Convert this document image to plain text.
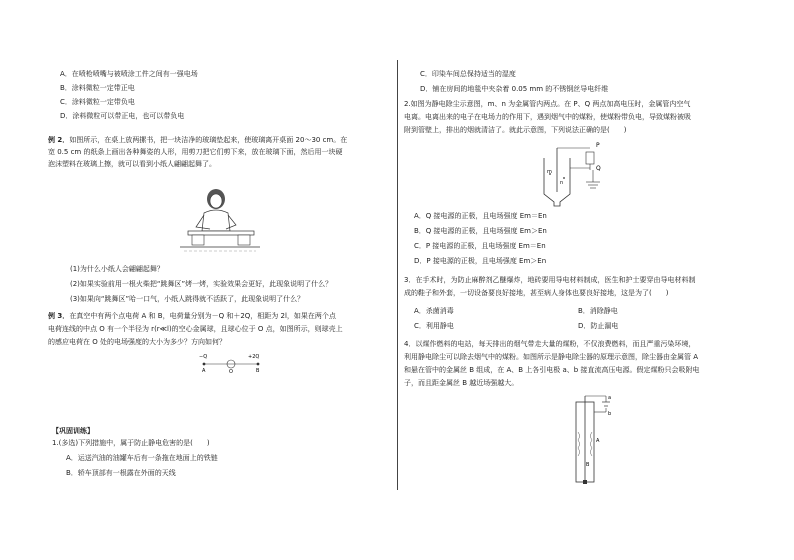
A．在喷枪喷嘴与被喷涂工件之间有一强电场
B．涂料微粒一定带正电
C．涂料微粒一定带负电
D．涂料微粒可以带正电，也可以带负电
例 2．如图所示，在桌上放两摞书，把一块洁净的玻璃垫起来，使玻璃离开桌面 20～30 cm。在
宽 0.5 cm 的纸条上画出各种舞姿的人形，用剪刀把它们剪下来，放在玻璃下面，然后用一块硬
泡沫塑料在玻璃上擦，就可以看到小纸人翩翩起舞了。
(1)为什么小纸人会翩翩起舞？
(2)如果实验前用一根火柴把“跳舞区”烤一烤，实验效果会更好，此现象说明了什么？
(3)如果向“跳舞区”哈一口气，小纸人跳得就不活跃了，此现象说明了什么？
例 3．在真空中有两个点电荷 A 和 B，电荷量分别为－Q 和＋2Q，相距为 2l，如果在两个点
电荷连线的中点 O 有一个半径为 r(r≪l)的空心金属球，且球心位于 O 点，如图所示，则球壳上
的感应电荷在 O 处的电场强度的大小为多少？方向如何？
−Q
A	O
+2Q
B
【巩固训练】
1.(多选)下列措施中，属于防止静电危害的是(　　)
A．运送汽油的油罐车后有一条拖在地面上的铁链
B．轿车顶部有一根露在外面的天线
C．印染车间总保持适当的湿度
D．铺在房间的地毯中夹杂着 0.05 mm 的不锈钢丝导电纤维
2.如图为静电除尘示意图，m、n 为金属管内两点。在 P、Q 两点加高电压时，金属管内空气
电离。电离出来的电子在电场力的作用下，遇到烟气中的煤粉，使煤粉带负电，导致煤粉被吸
附到管壁上，排出的烟就清洁了。就此示意图，下列说法正确的是(　　)
P
Q
m
n
A．Q 接电源的正极，且电场强度 Em＝En
B．Q 接电源的正极，且电场强度 Em＞En
C．P 接电源的正极，且电场强度 Em＝En
D．P 接电源的正极，且电场强度 Em＞En
3．在手术时，为防止麻醉剂乙醚爆炸，地砖要用导电材料制成，医生和护士要穿由导电材料制
成的鞋子和外套，一切设备要良好接地，甚至病人身体也要良好接地，这是为了(　　)
A．杀菌消毒	B．消除静电
C．利用静电	D．防止漏电
4．以煤作燃料的电站，每天排出的烟气带走大量的煤粉，不仅浪费燃料，而且严重污染环境，
利用静电除尘可以除去烟气中的煤粉。如图所示是静电除尘器的原理示意图，除尘器由金属管 A
和悬在管中的金属丝 B 组成，在 A、B 上各引电极 a、b 接直流高压电源。假定煤粉只会吸附电
子，而且距金属丝 B 越近场强越大。
a
b
A
B
